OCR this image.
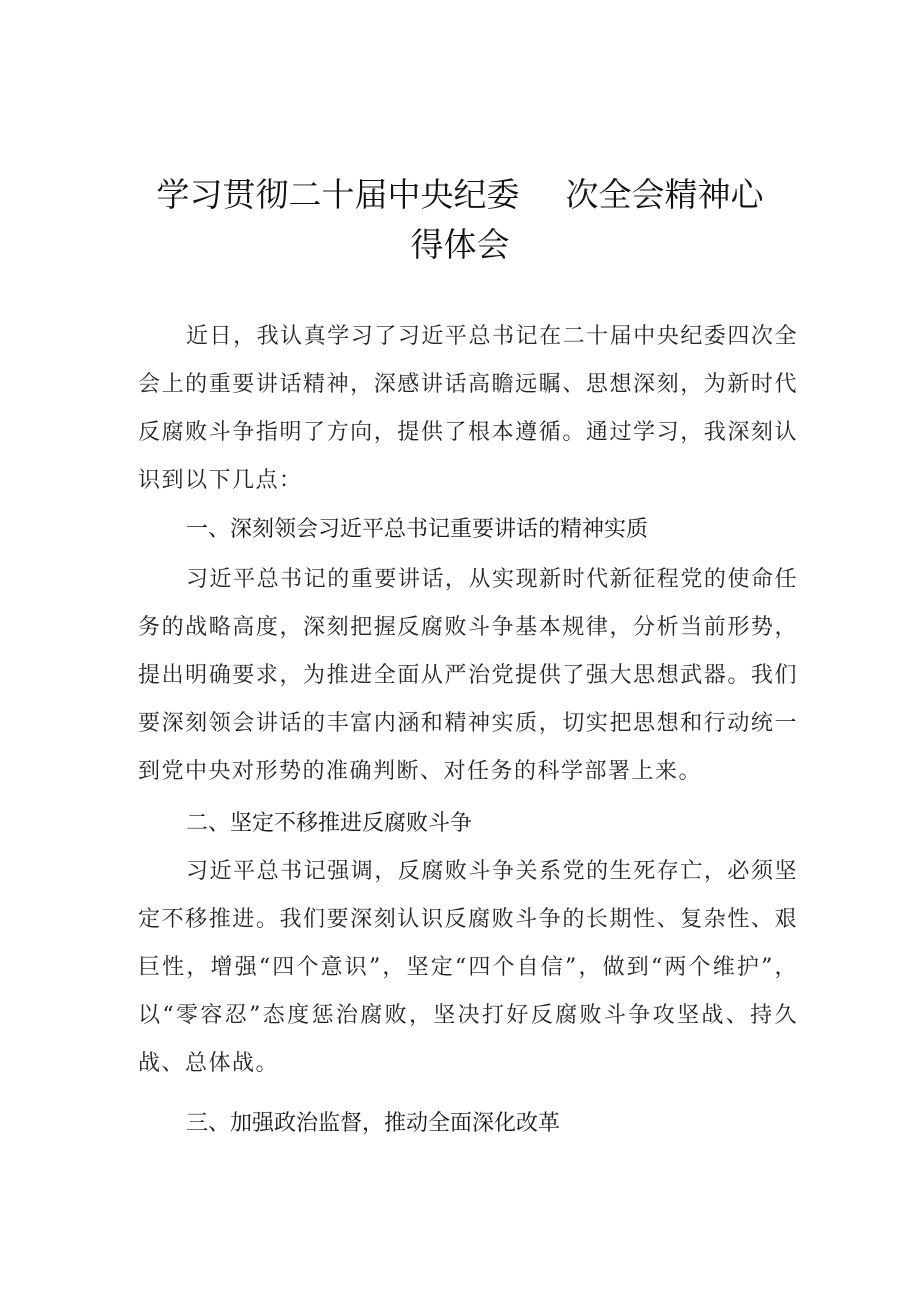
学习贯彻二十届中央纪委 次全会精神心
得体会

近日，我认真学习了习近平总书记在二十届中央纪委四次全会上的重要讲话精神，深感讲话高瞻远瞩、思想深刻，为新时代反腐败斗争指明了方向，提供了根本遵循。通过学习，我深刻认识到以下几点：

一、深刻领会习近平总书记重要讲话的精神实质

习近平总书记的重要讲话，从实现新时代新征程党的使命任务的战略高度，深刻把握反腐败斗争基本规律，分析当前形势，提出明确要求，为推进全面从严治党提供了强大思想武器。我们要深刻领会讲话的丰富内涵和精神实质，切实把思想和行动统一到党中央对形势的准确判断、对任务的科学部署上来。

二、坚定不移推进反腐败斗争

习近平总书记强调，反腐败斗争关系党的生死存亡，必须坚定不移推进。我们要深刻认识反腐败斗争的长期性、复杂性、艰巨性，增强“四个意识”，坚定“四个自信”，做到“两个维护”，以“零容忍”态度惩治腐败，坚决打好反腐败斗争攻坚战、持久战、总体战。

三、加强政治监督，推动全面深化改革
